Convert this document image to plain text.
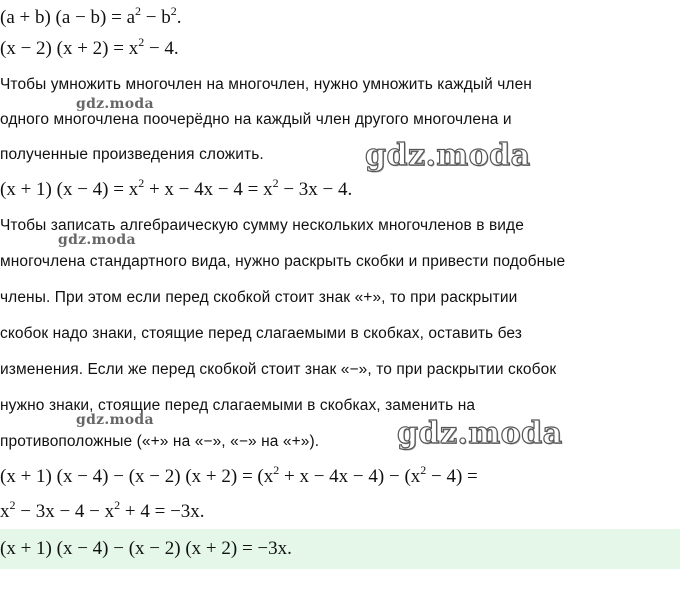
(a + b) $(a - b) = a^2 - b^2$.
(x − 2) $(x + 2) = x^2 - 4$.
Чтобы умножить многочлен на многочлен, нужно умножить каждый член
одного многочлена поочерёдно на каждый член другого многочлена и
полученные произведения сложить.
(x + 1) $(x - 4) = x^2 + x - 4x - 4 = x^2 - 3x - 4$.
Чтобы записать алгебраическую сумму нескольких многочленов в виде
многочлена стандартного вида, нужно раскрыть скобки и привести подобные
члены. При этом если перед скобкой стоит знак «+», то при раскрытии
скобок надо знаки, стоящие перед слагаемыми в скобках, оставить без
изменения. Если же перед скобкой стоит знак «−», то при раскрытии скобок
нужно знаки, стоящие перед слагаемыми в скобках, заменить на
противоположные («+» на «−», «−» на «+»).
(x + 1) (x − 4) − (x − 2) $(x + 2) = (x^2 + x - 4x - 4) - (x^2 - 4)$ =
$x^2 - 3x - 4 - x^2 + 4 = -3x$.
(x + 1) (x − 4) − (x − 2) (x + 2) = −3x.
gdz.moda
gdz.moda
gdz.moda
gdz.moda
gdz.moda
